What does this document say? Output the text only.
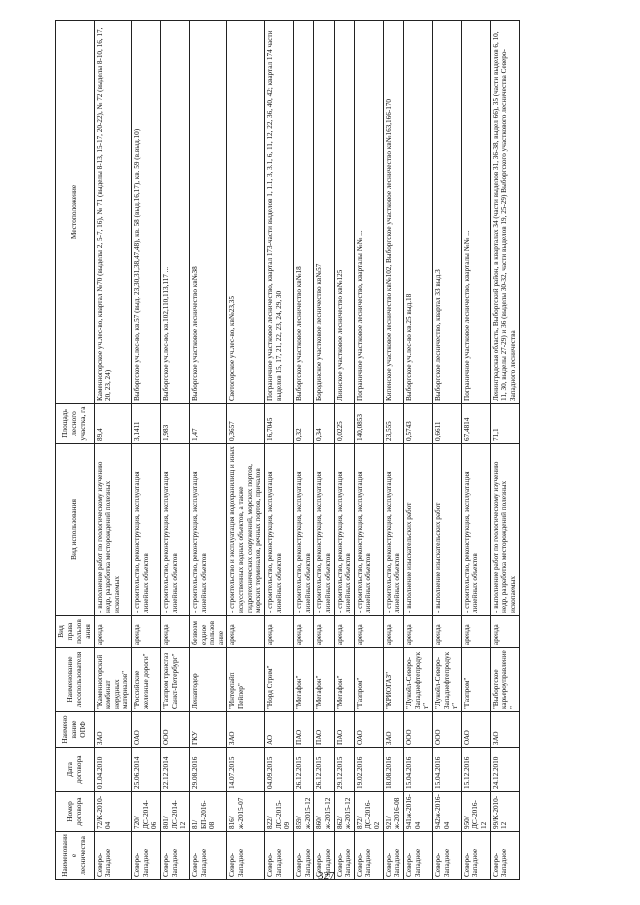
Наименование лесничества	Номер договора	Дата договора	Наименование ОПФ	Наименование лесопользователя	Вид права пользования	Вид использования	Площадь лесного участка, га	Местоположение
Северо-Западное	72/К-2010-04	01.04.2010	ЗАО	"Каменногорский комбинат нерудных материалов"	аренда	- выполнение работ по геологическому изучению недр, разработка месторождений полезных ископаемых	89,4	Каменногорское уч.лес-во, квартал №70 (выделы 2, 5-7, 16), № 71 (выделы 8-13, 15-17, 20-22), № 72 (выделы 8-10, 16, 17, 20, 23, 24)
Северо-Западное	720/ДС-2014-06	25.06.2014	ОАО	"Российские железные дороги"	аренда	- строительство, реконструкция, эксплуатация линейных объектов	3,1411	Выборгское уч.лес-во, кв.57 (выд. 23,30,31,38,47,48), кв. 58 (выд.16,17), кв. 59 (в.выд.10)
Северо-Западное	801/ЛС-2014-12	22.12.2014	ООО	"Газпром трансгаз Санкт-Петербург"	аренда	- строительство, реконструкция, эксплуатация линейных объектов	1,983	Выборгское уч.лес-во, кв.102,110,113,117 ...
Северо-Западное	81/БП-2016-08	29.08.2016	ГКУ	Ленавтодор	безвозмездное пользование	- строительство, реконструкция, эксплуатация линейных объектов	1,47	Выборгское участковое лесничество кв№38
Северо-Западное	816/ж-2015-07	14.07.2015	ЗАО	"Интерпайп Пейпер"	аренда	- строительство и эксплуатация водохранилищ и иных искусственных водных объектов, а также гидротехнических сооружений, морских портов, морских терминалов, речных портов, причалов	0,3657	Светогорское уч.лес-во, кв№23,35
Северо-Западное	822/ЛС-2015-09	04.09.2015	АО	"Норд Стрим"	аренда	- строительство, реконструкция, эксплуатация линейных объектов	16,7045	Пограничное участковое лесничество, квартал 173-части выделов 1, 1.1, 3, 3.1, 6, 11, 12, 22, 36, 40, 42; квартал 174 части выделов 15, 17, 21, 22, 23, 24, 29, 30
Северо-Западное	859/ж-2015-12	26.12.2015	ПАО	"Мегафон"	аренда	- строительство, реконструкция, эксплуатация линейных объектов	0,32	Выборгское участковое лесничество кв№18
Северо-Западное	860/ж-2015-12	26.12.2015	ПАО	"Мегафон"	аренда	- строительство, реконструкция, эксплуатация линейных объектов	0,34	Бородинское участковое лесничество кв№57
Северо-Западное	862/ж-2015-12	29.12.2015	ПАО	"Мегафон"	аренда	- строительство, реконструкция, эксплуатация линейных объектов	0,0225	Лиинское участковое лесничество кв№125
Северо-Западное	872/ДС-2016-02	19.02.2016	ОАО	"Газпром"	аренда	- строительство, реконструкция, эксплуатация линейных объектов	140,0853	Пограничное участковое лесничество, кварталы №№ ...
Северо-Западное	921/ж-2016-08	18.08.2016	ЗАО	"КРИОГАЗ"	аренда	- строительство, реконструкция, эксплуатация линейных объектов	23,555	Кипенское участковое лесничество кв№102, Выборгское участковое лесничество кв№163,166-170
Северо-Западное	941ж-2016-04	15.04.2016	ООО	"Лукойл-Северо-Западнефтепродукт"	аренда	- выполнение изыскательских работ	0,5743	Выборгское уч.лес-во кв.25 выд.18
Северо-Западное	942ж-2016-04	15.04.2016	ООО	"Лукойл-Северо-Западнефтепродукт"	аренда	- выполнение изыскательских работ	0,6611	Выборгское лесничество, квартал 33 выд.3
Северо-Западное	950/ДС-2016-12	15.12.2016	ОАО	"Газпром"	аренда	- строительство, реконструкция, эксплуатация линейных объектов	67,4814	Пограничное участковое лесничество, кварталы №№ ...
Северо-Западное	99/К-2010-12	24.12.2010	ЗАО	"Выборгское карьероуправление"	аренда	- выполнение работ по геологическому изучению недр, разработка месторождений полезных ископаемых	71,1	Ленинградская область, Выборгский район, в кварталах 34 (части выделов 31, 36-38, выдел 66), 35 (части выделов 6, 10, 11, 30, выделы 27-29) и 36 (выделы 30-32, части выделов 19, 25-29) Выборгского участкового лесничества Северо-Западного лесничества
327
